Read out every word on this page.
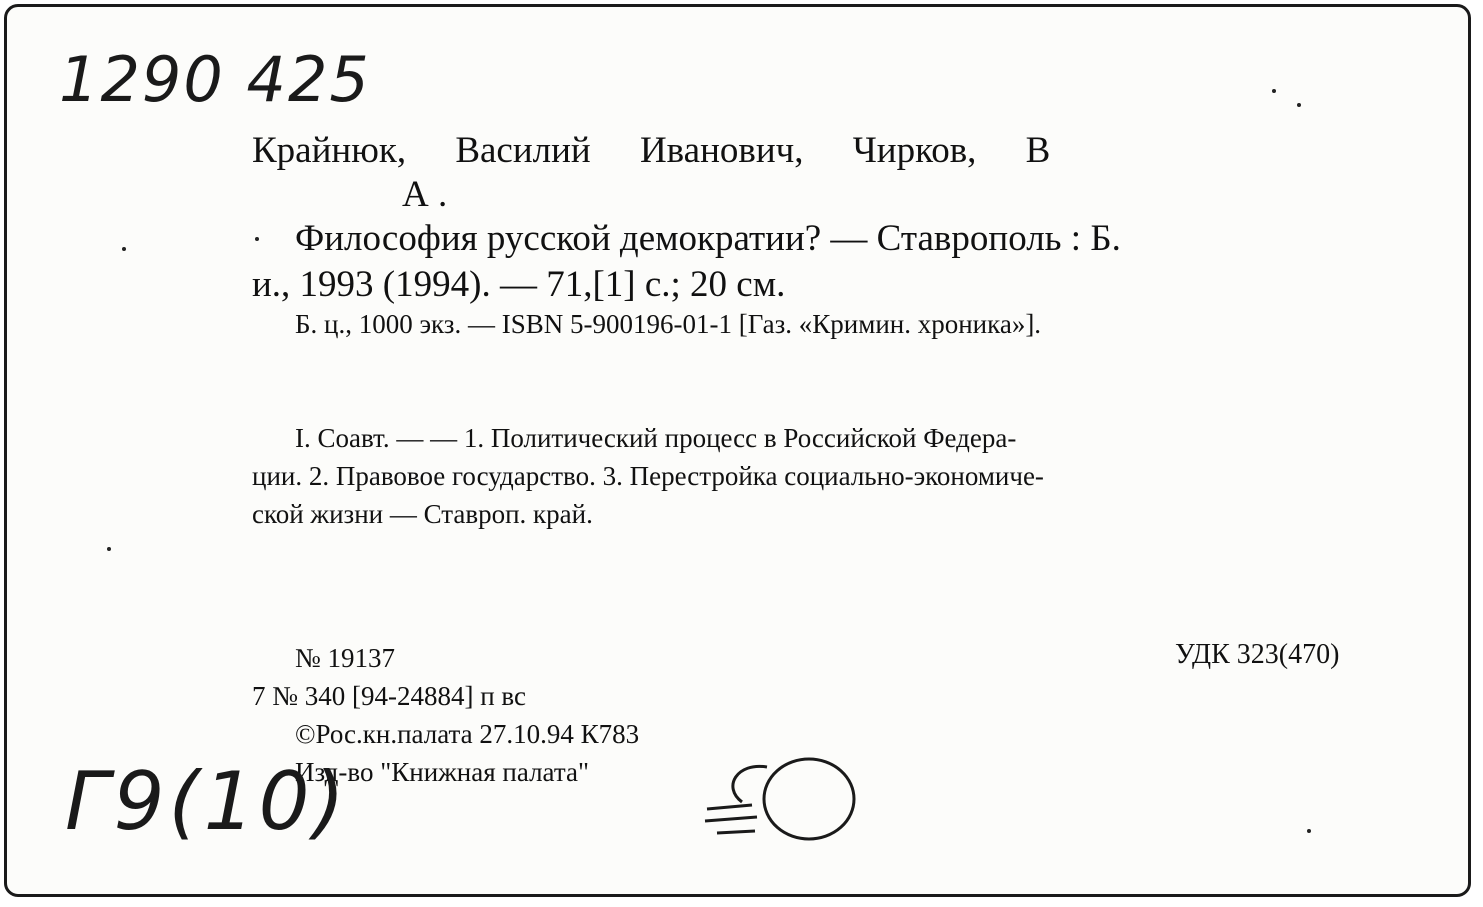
1290 425
Крайнюк, Василий Иванович, Чирков, В
А .
Философия русской демократии? — Ставрополь : Б.
и., 1993 (1994). — 71,[1] с.; 20 см.
Б. ц., 1000 экз. — ISBN 5-900196-01-1 [Газ. «Кримин. хроника»].
I. Соавт. — — 1. Политический процесс в Российской Федера-
ции. 2. Правовое государство. 3. Перестройка социально-экономиче-
ской жизни — Ставроп. край.
№ 19137
7 № 340 [94-24884] п вс
©Рос.кн.палата 27.10.94 К783
Изд-во "Книжная палата"
УДК 323(470)
Г9(10)
